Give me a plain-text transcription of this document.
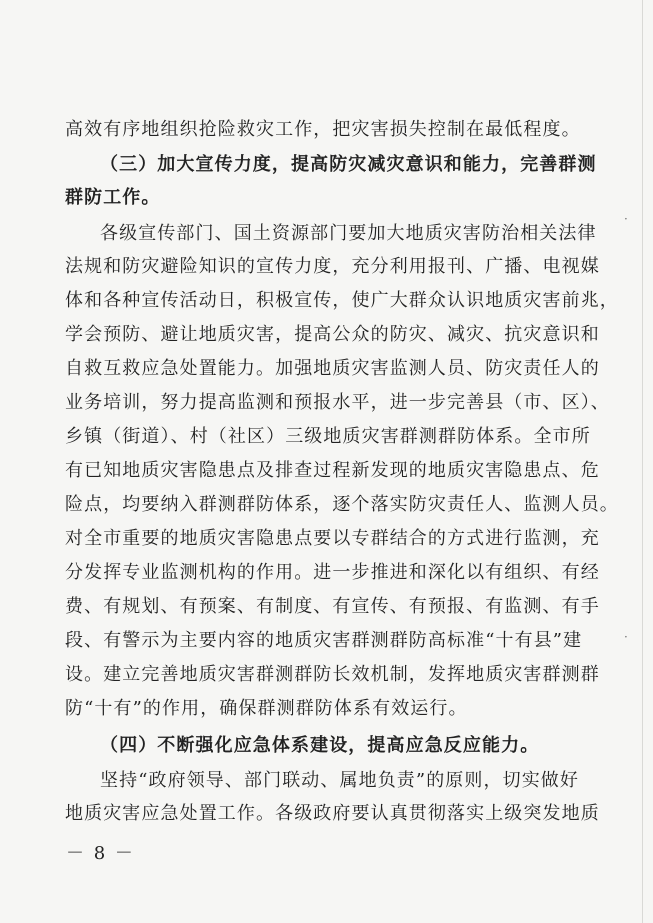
高效有序地组织抢险救灾工作，把灾害损失控制在最低程度。
（三）加大宣传力度，提高防灾减灾意识和能力，完善群测
群防工作。
各级宣传部门、国土资源部门要加大地质灾害防治相关法律
法规和防灾避险知识的宣传力度，充分利用报刊、广播、电视媒
体和各种宣传活动日，积极宣传，使广大群众认识地质灾害前兆，
学会预防、避让地质灾害，提高公众的防灾、减灾、抗灾意识和
自救互救应急处置能力。加强地质灾害监测人员、防灾责任人的
业务培训，努力提高监测和预报水平，进一步完善县（市、区）、
乡镇（街道）、村（社区）三级地质灾害群测群防体系。全市所
有已知地质灾害隐患点及排查过程新发现的地质灾害隐患点、危
险点，均要纳入群测群防体系，逐个落实防灾责任人、监测人员。
对全市重要的地质灾害隐患点要以专群结合的方式进行监测，充
分发挥专业监测机构的作用。进一步推进和深化以有组织、有经
费、有规划、有预案、有制度、有宣传、有预报、有监测、有手
段、有警示为主要内容的地质灾害群测群防高标准“十有县”建
设。建立完善地质灾害群测群防长效机制，发挥地质灾害群测群
防“十有”的作用，确保群测群防体系有效运行。
（四）不断强化应急体系建设，提高应急反应能力。
坚持“政府领导、部门联动、属地负责”的原则，切实做好
地质灾害应急处置工作。各级政府要认真贯彻落实上级突发地质
－ 8 －
·
·
